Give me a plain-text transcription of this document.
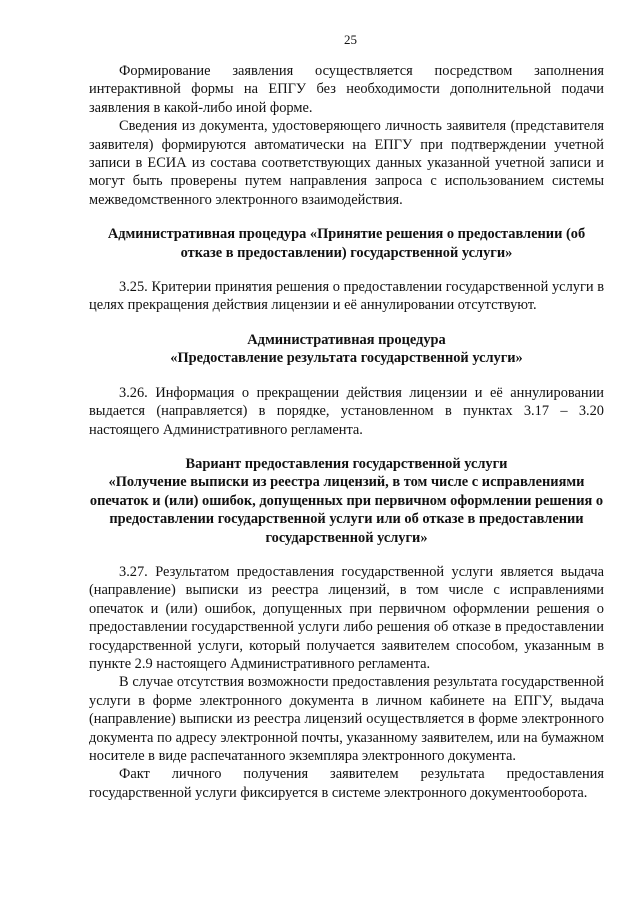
25

Формирование заявления осуществляется посредством заполнения интерактивной формы на ЕПГУ без необходимости дополнительной подачи заявления в какой-либо иной форме.

Сведения из документа, удостоверяющего личность заявителя (представителя заявителя) формируются автоматически на ЕПГУ при подтверждении учетной записи в ЕСИА из состава соответствующих данных указанной учетной записи и могут быть проверены путем направления запроса с использованием системы межведомственного электронного взаимодействия.

Административная процедура «Принятие решения о предоставлении (об отказе в предоставлении) государственной услуги»

3.25. Критерии принятия решения о предоставлении государственной услуги в целях прекращения действия лицензии и её аннулировании отсутствуют.

Административная процедура
«Предоставление результата государственной услуги»

3.26. Информация о прекращении действия лицензии и её аннулировании выдается (направляется) в порядке, установленном в пунктах 3.17 – 3.20 настоящего Административного регламента.

Вариант предоставления государственной услуги
«Получение выписки из реестра лицензий, в том числе с исправлениями опечаток и (или) ошибок, допущенных при первичном оформлении решения о предоставлении государственной услуги или об отказе в предоставлении государственной услуги»

3.27. Результатом предоставления государственной услуги является выдача (направление) выписки из реестра лицензий, в том числе с исправлениями опечаток и (или) ошибок, допущенных при первичном оформлении решения о предоставлении государственной услуги либо решения об отказе в предоставлении государственной услуги, который получается заявителем способом, указанным в пункте 2.9 настоящего Административного регламента.

В случае отсутствия возможности предоставления результата государственной услуги в форме электронного документа в личном кабинете на ЕПГУ, выдача (направление) выписки из реестра лицензий осуществляется в форме электронного документа по адресу электронной почты, указанному заявителем, или на бумажном носителе в виде распечатанного экземпляра электронного документа.

Факт личного получения заявителем результата предоставления государственной услуги фиксируется в системе электронного документооборота.
